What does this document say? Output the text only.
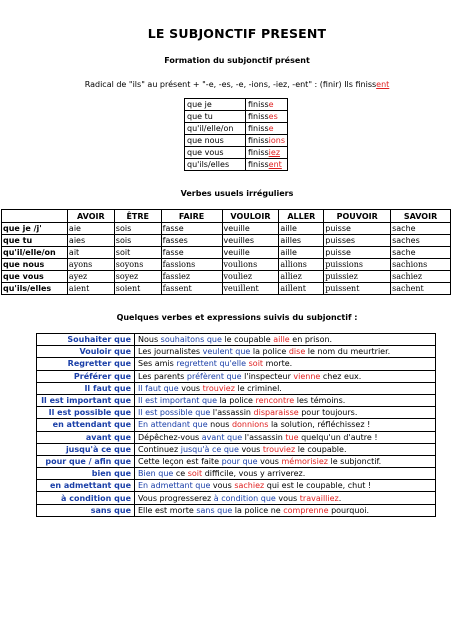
LE SUBJONCTIF PRESENT
Formation du subjonctif présent
Radical de "ils" au présent + "-e, -es, -e, -ions, -iez, -ent" : (finir) Ils finissent
que je	finisse
que tu	finisses
qu'il/elle/on	finisse
que nous	finissions
que vous	finissiez
qu'ils/elles	finissent
Verbes usuels irréguliers
	AVOIR	ÊTRE	FAIRE	VOULOIR	ALLER	POUVOIR	SAVOIR
que je /j'	aie	sois	fasse	veuille	aille	puisse	sache
que tu	aies	sois	fasses	veuilles	ailles	puisses	saches
qu'il/elle/on	ait	soit	fasse	veuille	aille	puisse	sache
que nous	ayons	soyons	fassions	voulions	allions	puissions	sachions
que vous	ayez	soyez	fassiez	vouliez	alliez	puissiez	sachiez
qu'ils/elles	aient	soient	fassent	veuillent	aillent	puissent	sachent
Quelques verbes et expressions suivis du subjonctif :
Souhaiter que	Nous souhaitons que le coupable aille en prison.
Vouloir que	Les journalistes veulent que la police dise le nom du meurtrier.
Regretter que	Ses amis regrettent qu'elle soit morte.
Préférer que	Les parents préfèrent que l'inspecteur vienne chez eux.
Il faut que	Il faut que vous trouviez le criminel.
Il est important que	Il est important que la police rencontre les témoins.
Il est possible que	Il est possible que l'assassin disparaisse pour toujours.
en attendant que	En attendant que nous donnions la solution, réfléchissez !
avant que	Dépêchez-vous avant que l'assassin tue quelqu'un d'autre !
jusqu'à ce que	Continuez jusqu'à ce que vous trouviez le coupable.
pour que / afin que	Cette leçon est faite pour que vous mémorisiez le subjonctif.
bien que	Bien que ce soit difficile, vous y arriverez.
en admettant que	En admettant que vous sachiez qui est le coupable, chut !
à condition que	Vous progresserez à condition que vous travailliez.
sans que	Elle est morte sans que la police ne comprenne pourquoi.
